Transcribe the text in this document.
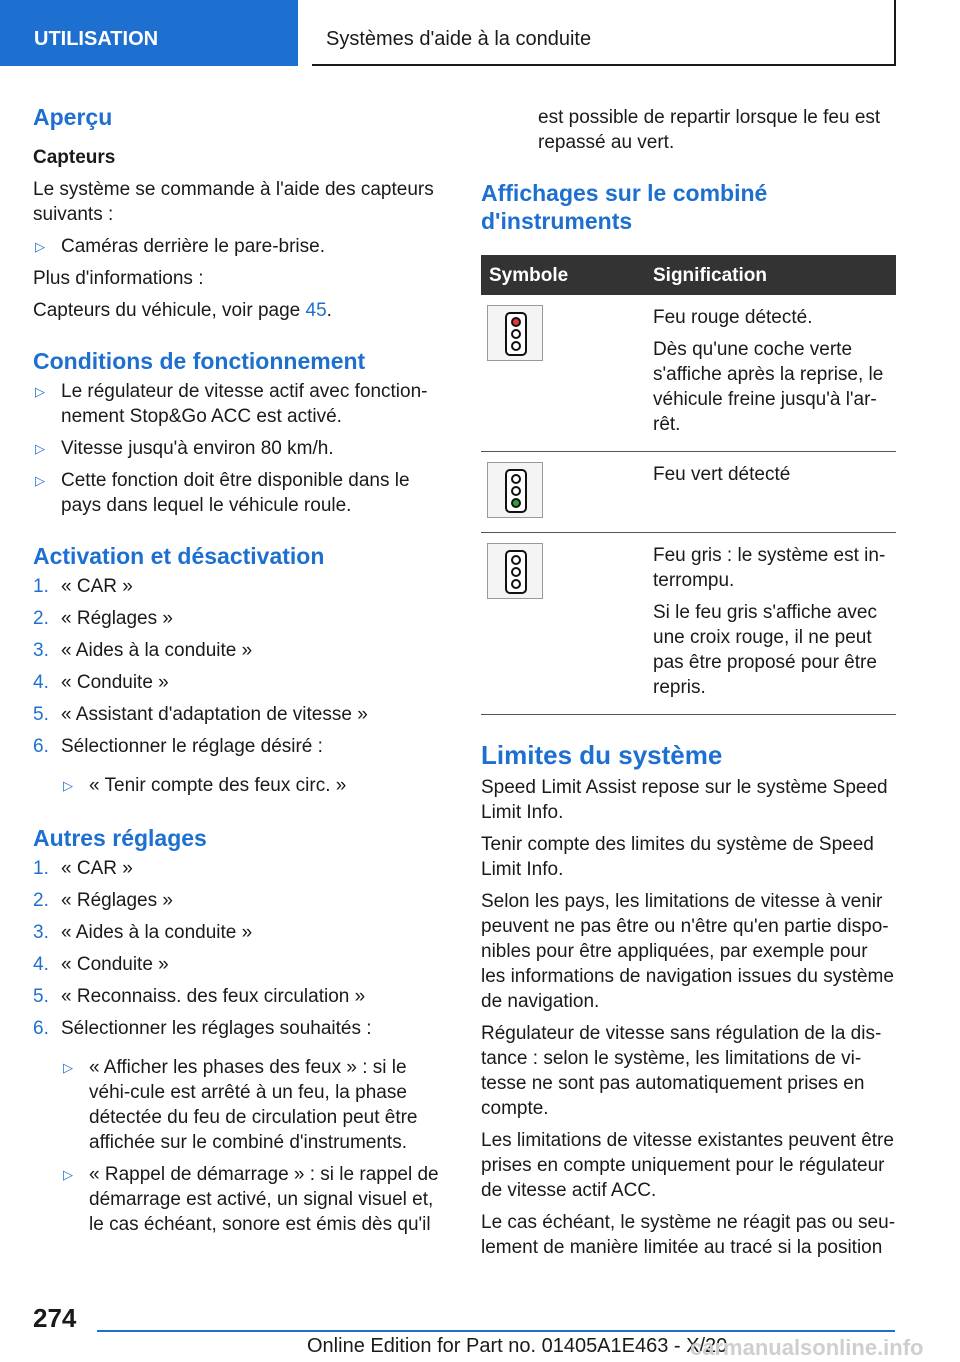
UTILISATION	Systèmes d'aide à la conduite
Aperçu
Capteurs

Le système se commande à l'aide des capteurs suivants :

▷ Caméras derrière le pare-brise.

Plus d'informations :

Capteurs du véhicule, voir page 45.

Conditions de fonctionnement
▷ Le régulateur de vitesse actif avec fonction-nement Stop&Go ACC est activé.
▷ Vitesse jusqu'à environ 80 km/h.
▷ Cette fonction doit être disponible dans le pays dans lequel le véhicule roule.
Activation et désactivation
1. « CAR »
2. « Réglages »
3. « Aides à la conduite »
4. « Conduite »
5. « Assistant d'adaptation de vitesse »
6. Sélectionner le réglage désiré :
▷ « Tenir compte des feux circ. »
Autres réglages
1. « CAR »
2. « Réglages »
3. « Aides à la conduite »
4. « Conduite »
5. « Reconnaiss. des feux circulation »
6. Sélectionner les réglages souhaités :
▷ « Afficher les phases des feux » : si le véhi-cule est arrêté à un feu, la phase détectée du feu de circulation peut être affichée sur le combiné d'instruments.
▷ « Rappel de démarrage » : si le rappel de démarrage est activé, un signal visuel et, le cas échéant, sonore est émis dès qu'il

est possible de repartir lorsque le feu est repassé au vert.

Affichages sur le combiné d'instruments
Symbole	Signification

	Feu rouge détecté.

Dès qu'une coche verte s'affiche après la reprise, le véhicule freine jusqu'à l'ar-rêt.

	Feu vert détecté

	Feu gris : le système est in-terrompu.

Si le feu gris s'affiche avec une croix rouge, il ne peut pas être proposé pour être repris.

Limites du système

Speed Limit Assist repose sur le système Speed Limit Info.

Tenir compte des limites du système de Speed Limit Info.

Selon les pays, les limitations de vitesse à venir peuvent ne pas être ou n'être qu'en partie dispo-nibles pour être appliquées, par exemple pour les informations de navigation issues du système de navigation.

Régulateur de vitesse sans régulation de la dis-tance : selon le système, les limitations de vi-tesse ne sont pas automatiquement prises en compte.

Les limitations de vitesse existantes peuvent être prises en compte uniquement pour le régulateur de vitesse actif ACC.

Le cas échéant, le système ne réagit pas ou seu-lement de manière limitée au tracé si la position

274
Online Edition for Part no. 01405A1E463 - X/20
carmanualsonline.info
